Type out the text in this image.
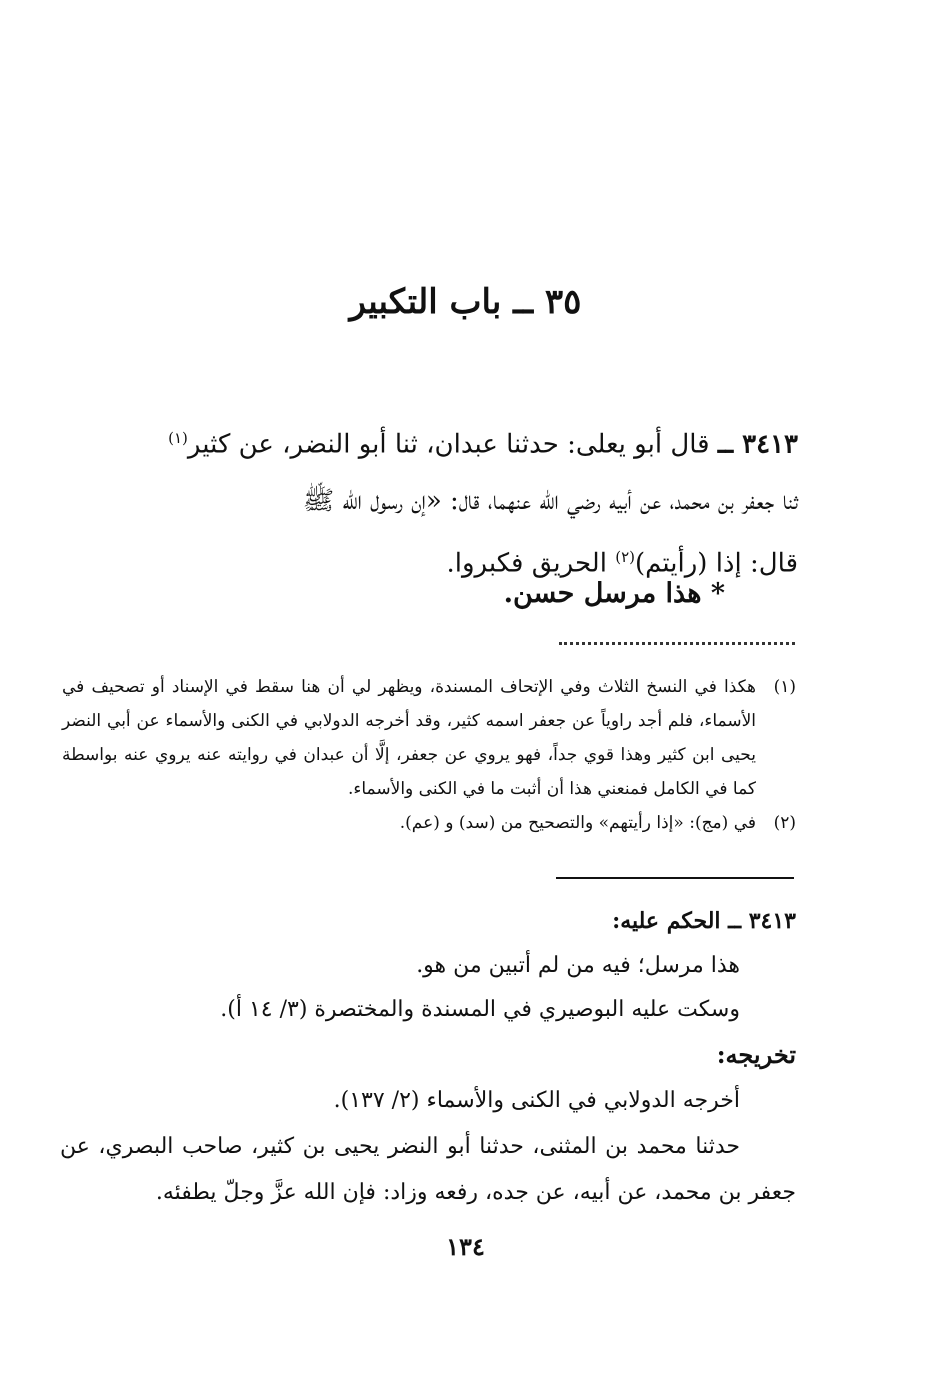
٣٥ ــ باب التكبير
٣٤١٣ ــ قال أبو يعلى: حدثنا عبدان، ثنا أبو النضر، عن كثير$^{(١)}$
ثنا جعفر بن محمد، عن أبيه رضي الله عنهما، قال: «إن رسول الله ﷺ
قال: إذا (رأيتم)$^{(٢)}$ الحريق فكبروا.
* هذا مرسل حسن.
(١)
هكذا في النسخ الثلاث وفي الإتحاف المسندة، ويظهر لي أن هنا سقط في الإسناد أو تصحيف في الأسماء، فلم أجد راوياً عن جعفر اسمه كثير، وقد أخرجه الدولابي في الكنى والأسماء عن أبي النضر يحيى ابن كثير وهذا قوي جداً، فهو يروي عن جعفر، إلَّا أن عبدان في روايته عنه يروي عنه بواسطة كما في الكامل فمنعني هذا أن أثبت ما في الكنى والأسماء.
(٢)
في (مج): «إذا رأيتهم» والتصحيح من (سد) و (عم).
٣٤١٣ ــ الحكم عليه:
هذا مرسل؛ فيه من لم أتبين من هو.
وسكت عليه البوصيري في المسندة والمختصرة (٣/ ١٤ أ).
تخريجه:
أخرجه الدولابي في الكنى والأسماء (٢/ ١٣٧).
حدثنا محمد بن المثنى، حدثنا أبو النضر يحيى بن كثير، صاحب البصري، عن جعفر بن محمد، عن أبيه، عن جده، رفعه وزاد: فإن الله عزَّ وجلّ يطفئه.
١٣٤
